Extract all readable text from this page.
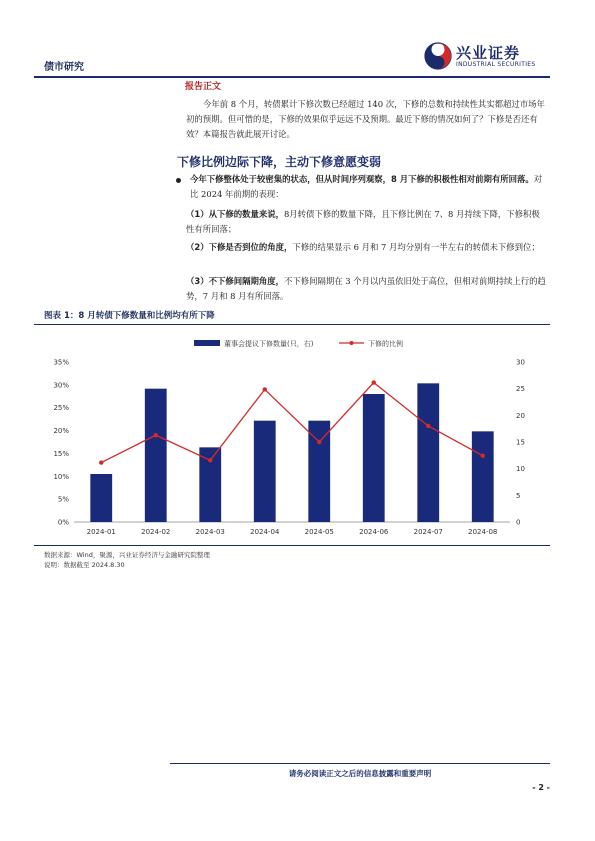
债市研究
兴业证券
INDUSTRIAL SECURITIES
报告正文
今年前 8 个月，转债累计下修次数已经超过 140 次，下修的总数和持续性其实都超过市场年初的预期。但可惜的是，下修的效果似乎远远不及预期。最近下修的情况如何了？下修是否还有效？本篇报告就此展开讨论。
下修比例边际下降，主动下修意愿变弱
今年下修整体处于较密集的状态，但从时间序列观察，8 月下修的积极性相对前期有所回落。对比 2024 年前期的表现：
（1）从下修的数量来说，8月转债下修的数量下降，且下修比例在 7、8 月持续下降，下修积极性有所回落；
（2）下修是否到位的角度，下修的结果显示 6 月和 7 月均分别有一半左右的转债未下修到位；
（3）不下修间隔期角度，不下修间隔期在 3 个月以内虽依旧处于高位，但相对前期持续上行的趋势，7 月和 8 月有所回落。
图表 1：8 月转债下修数量和比例均有所下降
董事会提议下修数量(只，右)	下修的比例
0%
5%
10%
15%
20%
25%
30%
35%
0
5
10
15
20
25
30
2024-01	2024-02	2024-03	2024-04	2024-05	2024-06	2024-07	2024-08
数据来源：Wind，聚源，兴业证券经济与金融研究院整理
说明：数据截至 2024.8.30
请务必阅读正文之后的信息披露和重要声明
- 2 -
